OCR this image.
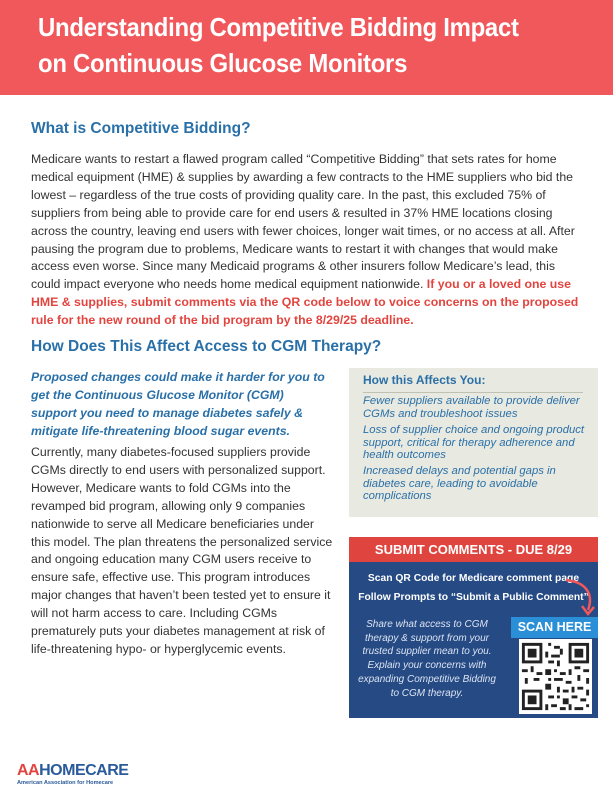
Understanding Competitive Bidding Impact
on Continuous Glucose Monitors
What is Competitive Bidding?
Medicare wants to restart a flawed program called “Competitive Bidding” that sets rates for home medical equipment (HME) & supplies by awarding a few contracts to the HME suppliers who bid the lowest – regardless of the true costs of providing quality care. In the past, this excluded 75% of suppliers from being able to provide care for end users & resulted in 37% HME locations closing across the country, leaving end users with fewer choices, longer wait times, or no access at all. After pausing the program due to problems, Medicare wants to restart it with changes that would make access even worse. Since many Medicaid programs & other insurers follow Medicare’s lead, this could impact everyone who needs home medical equipment nationwide. If you or a loved one use HME & supplies, submit comments via the QR code below to voice concerns on the proposed rule for the new round of the bid program by the 8/29/25 deadline.
How Does This Affect Access to CGM Therapy?
Proposed changes could make it harder for you to get the Continuous Glucose Monitor (CGM) support you need to manage diabetes safely & mitigate life-threatening blood sugar events.
Currently, many diabetes-focused suppliers provide CGMs directly to end users with personalized support. However, Medicare wants to fold CGMs into the revamped bid program, allowing only 9 companies nationwide to serve all Medicare beneficiaries under this model. The plan threatens the personalized service and ongoing education many CGM users receive to ensure safe, effective use. This program introduces major changes that haven’t been tested yet to ensure it will not harm access to care. Including CGMs prematurely puts your diabetes management at risk of life-threatening hypo- or hyperglycemic events.
How this Affects You:
Fewer suppliers available to provide deliver CGMs and troubleshoot issues
Loss of supplier choice and ongoing product support, critical for therapy adherence and health outcomes
Increased delays and potential gaps in diabetes care, leading to avoidable complications
SUBMIT COMMENTS - DUE 8/29
Scan QR Code for Medicare comment page
Follow Prompts to “Submit a Public Comment”
Share what access to CGM therapy & support from your trusted supplier mean to you. Explain your concerns with expanding Competitive Bidding to CGM therapy.
SCAN HERE
AAHOMECARE
American Association for Homecare
